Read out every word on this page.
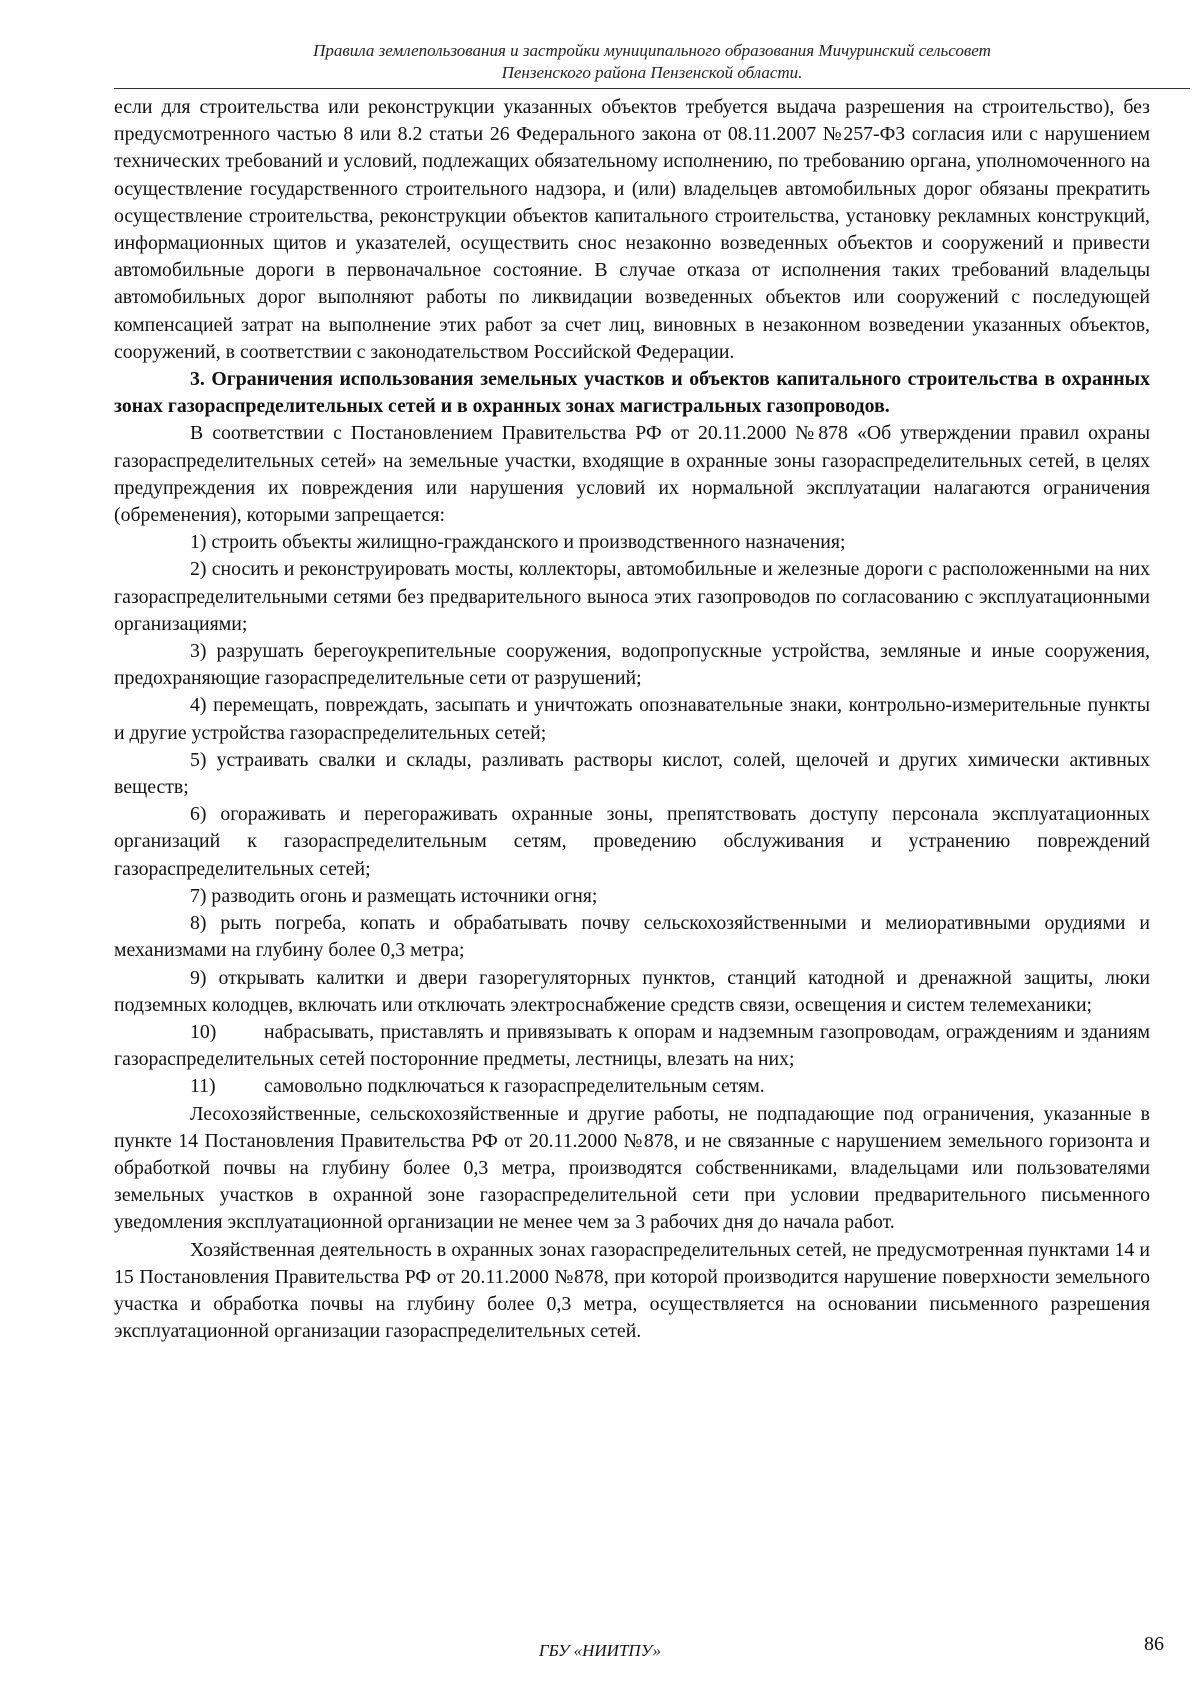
Правила землепользования и застройки муниципального образования Мичуринский сельсовет
Пензенского района Пензенской области.

если для строительства или реконструкции указанных объектов требуется выдача разрешения на строительство), без предусмотренного частью 8 или 8.2 статьи 26 Федерального закона от 08.11.2007 №257-ФЗ согласия или с нарушением технических требований и условий, подлежащих обязательному исполнению, по требованию органа, уполномоченного на осуществление государственного строительного надзора, и (или) владельцев автомобильных дорог обязаны прекратить осуществление строительства, реконструкции объектов капитального строительства, установку рекламных конструкций, информационных щитов и указателей, осуществить снос незаконно возведенных объектов и сооружений и привести автомобильные дороги в первоначальное состояние. В случае отказа от исполнения таких требований владельцы автомобильных дорог выполняют работы по ликвидации возведенных объектов или сооружений с последующей компенсацией затрат на выполнение этих работ за счет лиц, виновных в незаконном возведении указанных объектов, сооружений, в соответствии с законодательством Российской Федерации.

3. Ограничения использования земельных участков и объектов капитального строительства в охранных зонах газораспределительных сетей и в охранных зонах магистральных газопроводов.

В соответствии с Постановлением Правительства РФ от 20.11.2000 №878 «Об утверждении правил охраны газораспределительных сетей» на земельные участки, входящие в охранные зоны газораспределительных сетей, в целях предупреждения их повреждения или нарушения условий их нормальной эксплуатации налагаются ограничения (обременения), которыми запрещается:

1) строить объекты жилищно-гражданского и производственного назначения;

2) сносить и реконструировать мосты, коллекторы, автомобильные и железные дороги с расположенными на них газораспределительными сетями без предварительного выноса этих газопроводов по согласованию с эксплуатационными организациями;

3) разрушать берегоукрепительные сооружения, водопропускные устройства, земляные и иные сооружения, предохраняющие газораспределительные сети от разрушений;

4) перемещать, повреждать, засыпать и уничтожать опознавательные знаки, контрольно-измерительные пункты и другие устройства газораспределительных сетей;

5) устраивать свалки и склады, разливать растворы кислот, солей, щелочей и других химически активных веществ;

6) огораживать и перегораживать охранные зоны, препятствовать доступу персонала эксплуатационных организаций к газораспределительным сетям, проведению обслуживания и устранению повреждений газораспределительных сетей;

7) разводить огонь и размещать источники огня;

8) рыть погреба, копать и обрабатывать почву сельскохозяйственными и мелиоративными орудиями и механизмами на глубину более 0,3 метра;

9) открывать калитки и двери газорегуляторных пунктов, станций катодной и дренажной защиты, люки подземных колодцев, включать или отключать электроснабжение средств связи, освещения и систем телемеханики;

10) набрасывать, приставлять и привязывать к опорам и надземным газопроводам, ограждениям и зданиям газораспределительных сетей посторонние предметы, лестницы, влезать на них;

11) самовольно подключаться к газораспределительным сетям.

Лесохозяйственные, сельскохозяйственные и другие работы, не подпадающие под ограничения, указанные в пункте 14 Постановления Правительства РФ от 20.11.2000 №878, и не связанные с нарушением земельного горизонта и обработкой почвы на глубину более 0,3 метра, производятся собственниками, владельцами или пользователями земельных участков в охранной зоне газораспределительной сети при условии предварительного письменного уведомления эксплуатационной организации не менее чем за 3 рабочих дня до начала работ.

Хозяйственная деятельность в охранных зонах газораспределительных сетей, не предусмотренная пунктами 14 и 15 Постановления Правительства РФ от 20.11.2000 №878, при которой производится нарушение поверхности земельного участка и обработка почвы на глубину более 0,3 метра, осуществляется на основании письменного разрешения эксплуатационной организации газораспределительных сетей.

ГБУ «НИИТПУ»	86
